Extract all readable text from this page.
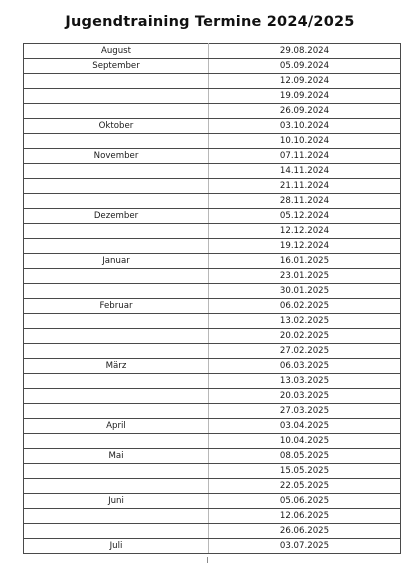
Jugendtraining Termine 2024/2025
August	29.08.2024
September	05.09.2024
	12.09.2024
	19.09.2024
	26.09.2024
Oktober	03.10.2024
	10.10.2024
November	07.11.2024
	14.11.2024
	21.11.2024
	28.11.2024
Dezember	05.12.2024
	12.12.2024
	19.12.2024
Januar	16.01.2025
	23.01.2025
	30.01.2025
Februar	06.02.2025
	13.02.2025
	20.02.2025
	27.02.2025
März	06.03.2025
	13.03.2025
	20.03.2025
	27.03.2025
April	03.04.2025
	10.04.2025
Mai	08.05.2025
	15.05.2025
	22.05.2025
Juni	05.06.2025
	12.06.2025
	26.06.2025
Juli	03.07.2025
